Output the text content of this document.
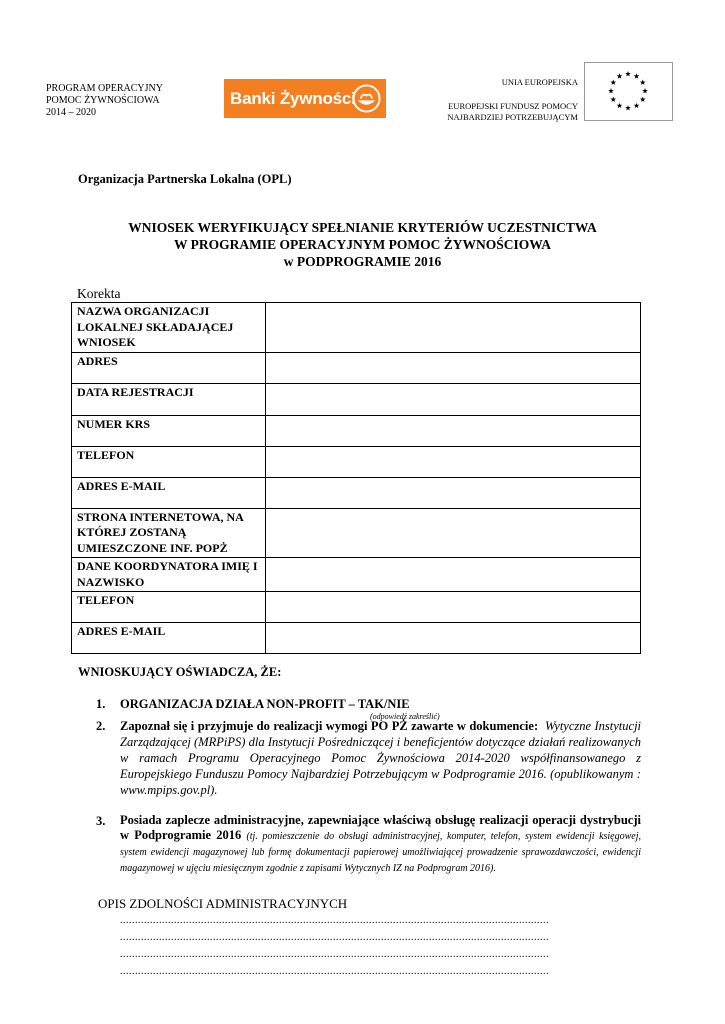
PROGRAM OPERACYJNY
POMOC ŻYWNOŚCIOWA
2014 – 2020
Banki Żywności
UNIA EUROPEJSKA
EUROPEJSKI FUNDUSZ POMOCY
NAJBARDZIEJ POTRZEBUJĄCYM
Organizacja Partnerska Lokalna (OPL)
WNIOSEK WERYFIKUJĄCY SPEŁNIANIE KRYTERIÓW UCZESTNICTWA
W PROGRAMIE OPERACYJNYM POMOC ŻYWNOŚCIOWA
w PODPROGRAMIE 2016
Korekta
NAZWA ORGANIZACJI LOKALNEJ SKŁADAJĄCEJ WNIOSEK	
ADRES	
DATA REJESTRACJI	
NUMER KRS	
TELEFON	
ADRES E-MAIL	
STRONA INTERNETOWA, NA KTÓREJ ZOSTANĄ UMIESZCZONE INF. POPŻ	
DANE KOORDYNATORA IMIĘ I NAZWISKO	
TELEFON	
ADRES E-MAIL	
WNIOSKUJĄCY OŚWIADCZA, ŻE:
1. ORGANIZACJA DZIAŁA NON-PROFIT – TAK/NIE
(odpowiedź zakreślić)
2. Zapoznał się i przyjmuje do realizacji wymogi PO PŻ zawarte w dokumencie: Wytyczne Instytucji Zarządzającej (MRPiPS) dla Instytucji Pośredniczącej i beneficjentów dotyczące działań realizowanych w ramach Programu Operacyjnego Pomoc Żywnościowa 2014-2020 współfinansowanego z Europejskiego Funduszu Pomocy Najbardziej Potrzebującym w Podprogramie 2016. (opublikowanym : www.mpips.gov.pl).
3. Posiada zaplecze administracyjne, zapewniające właściwą obsługę realizacji operacji dystrybucji w Podprogramie 2016 (tj. pomieszczenie do obsługi administracyjnej, komputer, telefon, system ewidencji księgowej, system ewidencji magazynowej lub formę dokumentacji papierowej umożliwiającej prowadzenie sprawozdawczości, ewidencji magazynowej w ujęciu miesięcznym zgodnie z zapisami Wytycznych IZ na Podprogram 2016).
OPIS ZDOLNOŚCI ADMINISTRACYJNYCH
...............................................................................................................................................
...............................................................................................................................................
...............................................................................................................................................
...............................................................................................................................................
